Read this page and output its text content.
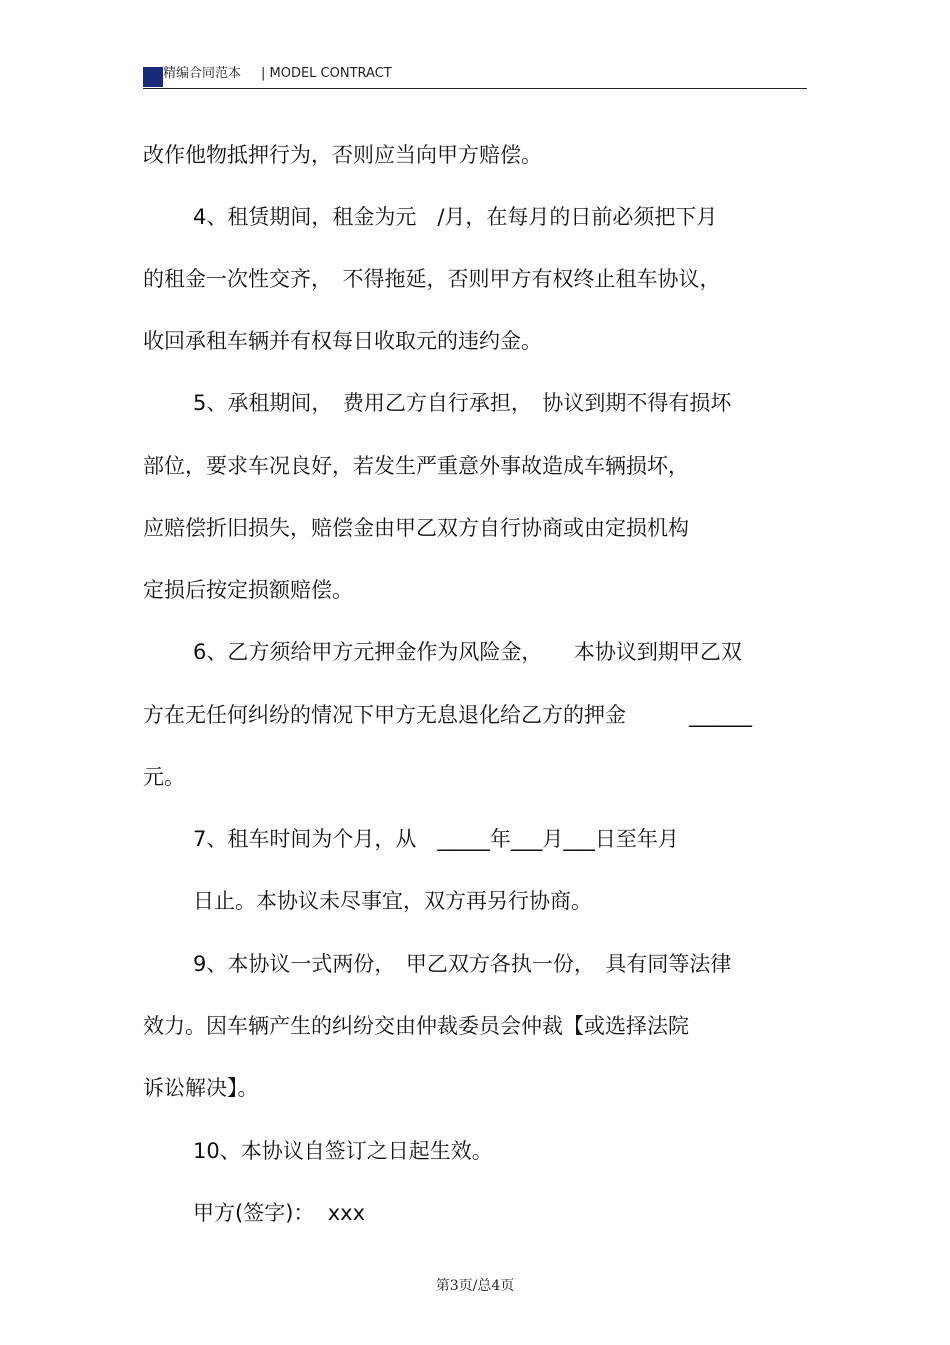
精编合同范本 | MODEL CONTRACT
改作他物抵押行为，否则应当向甲方赔偿。
4、租赁期间，租金为元　/月，在每月的日前必须把下月
的租金一次性交齐，　不得拖延，否则甲方有权终止租车协议，
收回承租车辆并有权每日收取元的违约金。
5、承租期间，　费用乙方自行承担，　协议到期不得有损坏
部位，要求车况良好，若发生严重意外事故造成车辆损坏，
应赔偿折旧损失，赔偿金由甲乙双方自行协商或由定损机构
定损后按定损额赔偿。
6、乙方须给甲方元押金作为风险金，　　本协议到期甲乙双
方在无任何纠纷的情况下甲方无息退化给乙方的押金　　　______
元。
7、租车时间为个月，从　_____年___月___日至年月
日止。本协议未尽事宜，双方再另行协商。
9、本协议一式两份，　甲乙双方各执一份，　具有同等法律
效力。因车辆产生的纠纷交由仲裁委员会仲裁【或选择法院
诉讼解决】。
10、本协议自签订之日起生效。
甲方(签字)：  xxx
第3页/总4页
